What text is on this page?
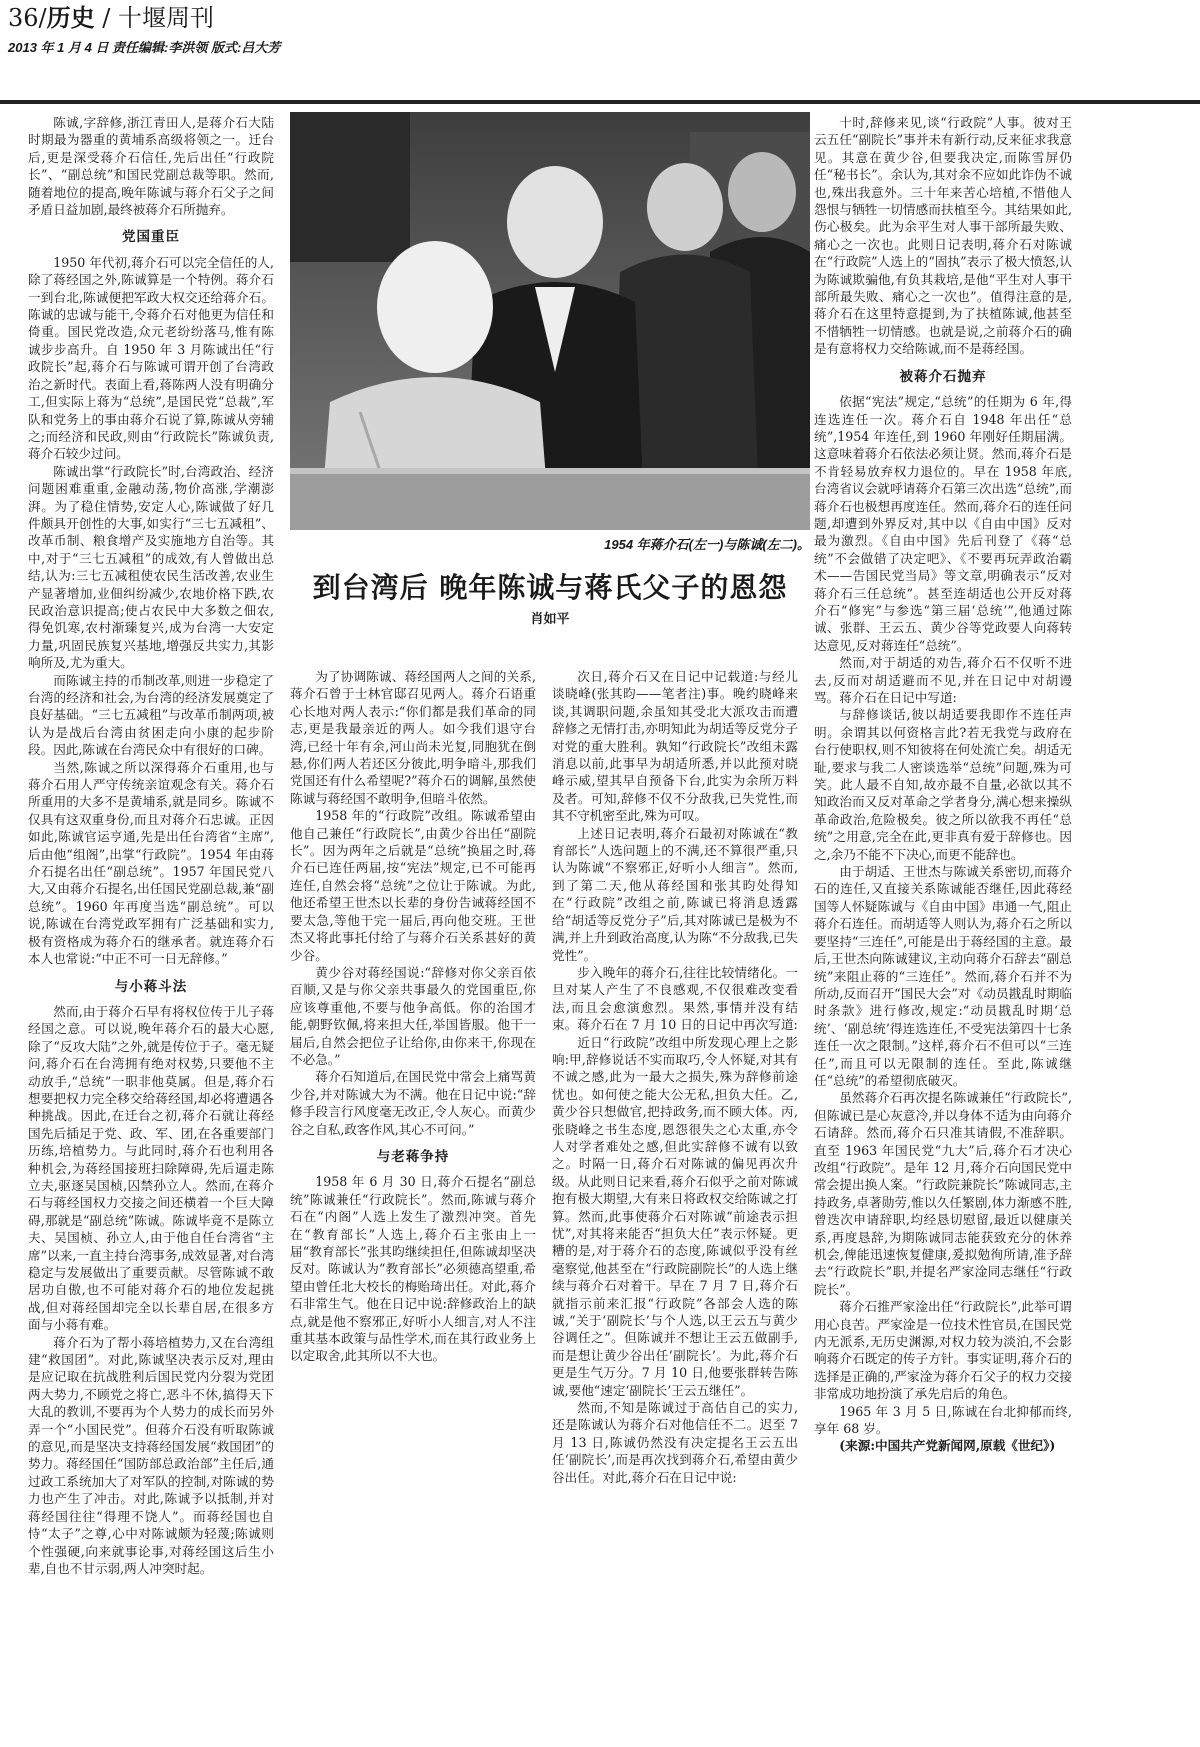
36/历史 / 十堰周刊
2013 年 1 月 4 日 责任编辑:李洪领 版式:吕大芳

陈诚,字辞修,浙江青田人,是蒋介石大陆时期最为器重的黄埔系高级将领之一。迁台后,更是深受蒋介石信任,先后出任“行政院长”、“副总统”和国民党副总裁等职。然而,随着地位的提高,晚年陈诚与蒋介石父子之间矛盾日益加剧,最终被蒋介石所抛弃。

党国重臣

1950 年代初,蒋介石可以完全信任的人,除了蒋经国之外,陈诚算是一个特例。蒋介石一到台北,陈诚便把军政大权交还给蒋介石。陈诚的忠诚与能干,令蒋介石对他更为信任和倚重。国民党改造,众元老纷纷落马,惟有陈诚步步高升。自 1950 年 3 月陈诚出任“行政院长”起,蒋介石与陈诚可谓开创了台湾政治之新时代。表面上看,蒋陈两人没有明确分工,但实际上蒋为“总统”,是国民党“总裁”,军队和党务上的事由蒋介石说了算,陈诚从旁辅之;而经济和民政,则由“行政院长”陈诚负责,蒋介石较少过问。

陈诚出掌“行政院长”时,台湾政治、经济问题困难重重,金融动荡,物价高涨,学潮澎湃。为了稳住情势,安定人心,陈诚做了好几件颇具开创性的大事,如实行“三七五减租”、改革币制、粮食增产及实施地方自治等。其中,对于“三七五减租”的成效,有人曾做出总结,认为:三七五减租使农民生活改善,农业生产显著增加,业佃纠纷减少,农地价格下跌,农民政治意识提高;使占农民中大多数之佃农,得免饥寒,农村渐臻复兴,成为台湾一大安定力量,巩固民族复兴基地,增强反共实力,其影响所及,尤为重大。

而陈诚主持的币制改革,则进一步稳定了台湾的经济和社会,为台湾的经济发展奠定了良好基础。“三七五减租”与改革币制两项,被认为是战后台湾由贫困走向小康的起步阶段。因此,陈诚在台湾民众中有很好的口碑。

当然,陈诚之所以深得蒋介石重用,也与蒋介石用人严守传统亲谊观念有关。蒋介石所重用的大多不是黄埔系,就是同乡。陈诚不仅具有这双重身份,而且对蒋介石忠诚。正因如此,陈诚官运亨通,先是出任台湾省“主席”,后由他“组阁”,出掌“行政院”。1954 年由蒋介石提名出任“副总统”。1957 年国民党八大,又由蒋介石提名,出任国民党副总裁,兼“副总统”。1960 年再度当选“副总统”。可以说,陈诚在台湾党政军拥有广泛基础和实力,极有资格成为蒋介石的继承者。就连蒋介石本人也常说:“中正不可一日无辞修。”

与小蒋斗法

然而,由于蒋介石早有将权位传于儿子蒋经国之意。可以说,晚年蒋介石的最大心愿,除了“反攻大陆”之外,就是传位于子。毫无疑问,蒋介石在台湾拥有绝对权势,只要他不主动放手,“总统”一职非他莫属。但是,蒋介石想要把权力完全移交给蒋经国,却必将遭遇各种挑战。因此,在迁台之初,蒋介石就让蒋经国先后插足于党、政、军、团,在各重要部门历练,培植势力。与此同时,蒋介石也利用各种机会,为蒋经国接班扫除障碍,先后逼走陈立夫,驱逐吴国桢,囚禁孙立人。然而,在蒋介石与蒋经国权力交接之间还横着一个巨大障碍,那就是“副总统”陈诚。陈诚毕竟不是陈立夫、吴国桢、孙立人,由于他自任台湾省“主席”以来,一直主持台湾事务,成效显著,对台湾稳定与发展做出了重要贡献。尽管陈诚不敢居功自傲,也不可能对蒋介石的地位发起挑战,但对蒋经国却完全以长辈自居,在很多方面与小蒋有难。

蒋介石为了帮小蒋培植势力,又在台湾组建“救国团”。对此,陈诚坚决表示反对,理由是应记取在抗战胜利后国民党内分裂为党团两大势力,不顾党之将亡,恶斗不休,搞得天下大乱的教训,不要再为个人势力的成长而另外弄一个“小国民党”。但蒋介石没有听取陈诚的意见,而是坚决支持蒋经国发展“救国团”的势力。蒋经国任“国防部总政治部”主任后,通过政工系统加大了对军队的控制,对陈诚的势力也产生了冲击。对此,陈诚予以抵制,并对蒋经国往往“得理不饶人”。而蒋经国也自恃“太子”之尊,心中对陈诚颇为轻蔑;陈诚则个性强硬,向来就事论事,对蒋经国这后生小辈,自也不甘示弱,两人冲突时起。

1954 年蒋介石(左一)与陈诚(左二)。
到台湾后 晚年陈诚与蒋氏父子的恩怨
肖如平

为了协调陈诚、蒋经国两人之间的关系,蒋介石曾于士林官邸召见两人。蒋介石语重心长地对两人表示:“你们都是我们革命的同志,更是我最亲近的两人。如今我们退守台湾,已经十年有余,河山尚未光复,同胞犹在倒悬,你们两人若还区分彼此,明争暗斗,那我们党国还有什么希望呢?”蒋介石的调解,虽然使陈诚与蒋经国不敢明争,但暗斗依然。

1958 年的“行政院”改组。陈诚希望由他自己兼任“行政院长”,由黄少谷出任“副院长”。因为两年之后就是“总统”换届之时,蒋介石已连任两届,按“宪法”规定,已不可能再连任,自然会将“总统”之位让于陈诚。为此,他还希望王世杰以长辈的身份告诫蒋经国不要太急,等他干完一届后,再向他交班。王世杰又将此事托付给了与蒋介石关系甚好的黄少谷。

黄少谷对蒋经国说:“辞修对你父亲百依百顺,又是与你父亲共事最久的党国重臣,你应该尊重他,不要与他争高低。你的治国才能,朝野钦佩,将来担大任,举国皆服。他干一届后,自然会把位子让给你,由你来干,你现在不必急。”

蒋介石知道后,在国民党中常会上痛骂黄少谷,并对陈诚大为不满。他在日记中说:“辞修手段言行风度毫无改正,令人灰心。而黄少谷之自私,政客作风,其心不可问。”

与老蒋争持

1958 年 6 月 30 日,蒋介石提名“副总统”陈诚兼任“行政院长”。然而,陈诚与蒋介石在“内阁”人选上发生了激烈冲突。首先在“教育部长”人选上,蒋介石主张由上一届“教育部长”张其昀继续担任,但陈诚却坚决反对。陈诚认为“教育部长”必须德高望重,希望由曾任北大校长的梅贻琦出任。对此,蒋介石非常生气。他在日记中说:辞修政治上的缺点,就是他不察邪正,好听小人细言,对人不注重其基本政策与品性学术,而在其行政业务上以定取舍,此其所以不大也。

次日,蒋介石又在日记中记载道:与经儿谈晓峰(张其昀——笔者注)事。晚约晓峰来谈,其调职问题,余虽知其受北大派攻击而遭辞修之无情打击,亦明知此为胡适等反党分子对党的重大胜利。孰知“行政院长”改组未露消息以前,此事早为胡适所悉,并以此预对晓峰示威,望其早自预备下台,此实为余所万料及者。可知,辞修不仅不分敌我,已失党性,而其不守机密至此,殊为可叹。

上述日记表明,蒋介石最初对陈诚在“教育部长”人选问题上的不满,还不算很严重,只认为陈诚“不察邪正,好听小人细言”。然而,到了第二天,他从蒋经国和张其昀处得知在“行政院”改组之前,陈诚已将消息透露给“胡适等反党分子”后,其对陈诚已是极为不满,并上升到政治高度,认为陈“不分敌我,已失党性”。

步入晚年的蒋介石,往往比较情绪化。一旦对某人产生了不良感观,不仅很难改变看法,而且会愈演愈烈。果然,事情并没有结束。蒋介石在 7 月 10 日的日记中再次写道:

近日“行政院”改组中所发现心理上之影响:甲,辞修说话不实而取巧,令人怀疑,对其有不诚之感,此为一最大之损失,殊为辞修前途忧也。如何使之能大公无私,担负大任。乙,黄少谷只想做官,把持政务,而不顾大体。丙,张晓峰之书生态度,恩怨很失之心太重,亦令人对学者难处之感,但此实辞修不诚有以致之。时隔一日,蒋介石对陈诚的偏见再次升级。从此则日记来看,蒋介石似乎之前对陈诚抱有极大期望,大有来日将政权交给陈诚之打算。然而,此事使蒋介石对陈诚“前途表示担忧”,对其将来能否“担负大任”表示怀疑。更糟的是,对于蒋介石的态度,陈诚似乎没有丝毫察觉,他甚至在“行政院副院长”的人选上继续与蒋介石对着干。早在 7 月 7 日,蒋介石就指示前来汇报“行政院”各部会人选的陈诚,“关于‘副院长’与个人选,以王云五与黄少谷调任之”。但陈诚并不想让王云五做副手,而是想让黄少谷出任‘副院长’。为此,蒋介石更是生气万分。7 月 10 日,他要张群转告陈诚,要他“速定‘副院长’王云五继任”。

然而,不知是陈诚过于高估自己的实力,还是陈诚认为蒋介石对他信任不二。迟至 7 月 13 日,陈诚仍然没有决定提名王云五出任‘副院长’,而是再次找到蒋介石,希望由黄少谷出任。对此,蒋介石在日记中说:

十时,辞修来见,谈“行政院”人事。彼对王云五任“副院长”事并未有新行动,反来征求我意见。其意在黄少谷,但要我决定,而陈雪屏仍任“秘书长”。余认为,其对余不应如此诈伪不诚也,殊出我意外。三十年来苦心培植,不惜他人怨恨与牺牲一切情感而扶植至今。其结果如此,伤心极矣。此为余平生对人事干部所最失败、痛心之一次也。此则日记表明,蒋介石对陈诚在“行政院”人选上的“固执”表示了极大愤怒,认为陈诚欺骗他,有负其栽培,是他“平生对人事干部所最失败、痛心之一次也”。值得注意的是,蒋介石在这里特意提到,为了扶植陈诚,他甚至不惜牺牲一切情感。也就是说,之前蒋介石的确是有意将权力交给陈诚,而不是蒋经国。

被蒋介石抛弃

依据“宪法”规定,“总统”的任期为 6 年,得连选连任一次。蒋介石自 1948 年出任“总统”,1954 年连任,到 1960 年刚好任期届满。这意味着蒋介石依法必须让贤。然而,蒋介石是不肯轻易放弃权力退位的。早在 1958 年底,台湾省议会就呼请蒋介石第三次出选“总统”,而蒋介石也极想再度连任。然而,蒋介石的连任问题,却遭到外界反对,其中以《自由中国》反对最为激烈。《自由中国》先后刊登了《蒋“总统”不会做错了决定吧》、《不要再玩弄政治霸术——告国民党当局》等文章,明确表示“反对蒋介石三任总统”。甚至连胡适也公开反对蒋介石“修宪”与参选“第三届‘总统’”,他通过陈诚、张群、王云五、黄少谷等党政要人向蒋转达意见,反对蒋连任“总统”。

然而,对于胡适的劝告,蒋介石不仅听不进去,反而对胡适避而不见,并在日记中对胡谩骂。蒋介石在日记中写道:

与辞修谈话,彼以胡适要我即作不连任声明。余谓其以何资格言此?若无我党与政府在台行使职权,则不知彼将在何处流亡矣。胡适无耻,要求与我二人密谈选举“总统”问题,殊为可笑。此人最不自知,故亦最不自量,必欲以其不知政治而又反对革命之学者身分,满心想来操纵革命政治,危险极矣。彼之所以欲我不再任“总统”之用意,完全在此,更非真有爱于辞修也。因之,余乃不能不下决心,而更不能辞也。

由于胡适、王世杰与陈诚关系密切,而蒋介石的连任,又直接关系陈诚能否继任,因此蒋经国等人怀疑陈诚与《自由中国》串通一气,阻止蒋介石连任。而胡适等人则认为,蒋介石之所以要坚持“三连任”,可能是出于蒋经国的主意。最后,王世杰向陈诚建议,主动向蒋介石辞去“副总统”来阻止蒋的“三连任”。然而,蒋介石并不为所动,反而召开“国民大会”对《动员戡乱时期临时条款》进行修改,规定:“动员戡乱时期‘总统’、‘副总统’得连选连任,不受宪法第四十七条连任一次之限制。”这样,蒋介石不但可以“三连任”,而且可以无限制的连任。至此,陈诚继任“总统”的希望彻底破灭。

虽然蒋介石再次提名陈诚兼任“行政院长”,但陈诚已是心灰意冷,并以身体不适为由向蒋介石请辞。然而,蒋介石只准其请假,不准辞职。直至 1963 年国民党“九大”后,蒋介石才决心改组“行政院”。是年 12 月,蒋介石向国民党中常会提出换人案。“行政院兼院长”陈诚同志,主持政务,卓著勋劳,惟以久任繁剧,体力渐感不胜,曾迭次申请辞职,均经恳切慰留,最近以健康关系,再度恳辞,为期陈诚同志能获致充分的休养机会,俾能迅速恢复健康,爰拟勉徇所请,准予辞去“行政院长”职,并提名严家淦同志继任“行政院长”。

蒋介石推严家淦出任“行政院长”,此举可谓用心良苦。严家淦是一位技术性官员,在国民党内无派系,无历史渊源,对权力较为淡泊,不会影响蒋介石既定的传子方针。事实证明,蒋介石的选择是正确的,严家淦为蒋介石父子的权力交接非常成功地扮演了承先启后的角色。

1965 年 3 月 5 日,陈诚在台北抑郁而终,享年 68 岁。

(来源:中国共产党新闻网,原载《世纪》)
